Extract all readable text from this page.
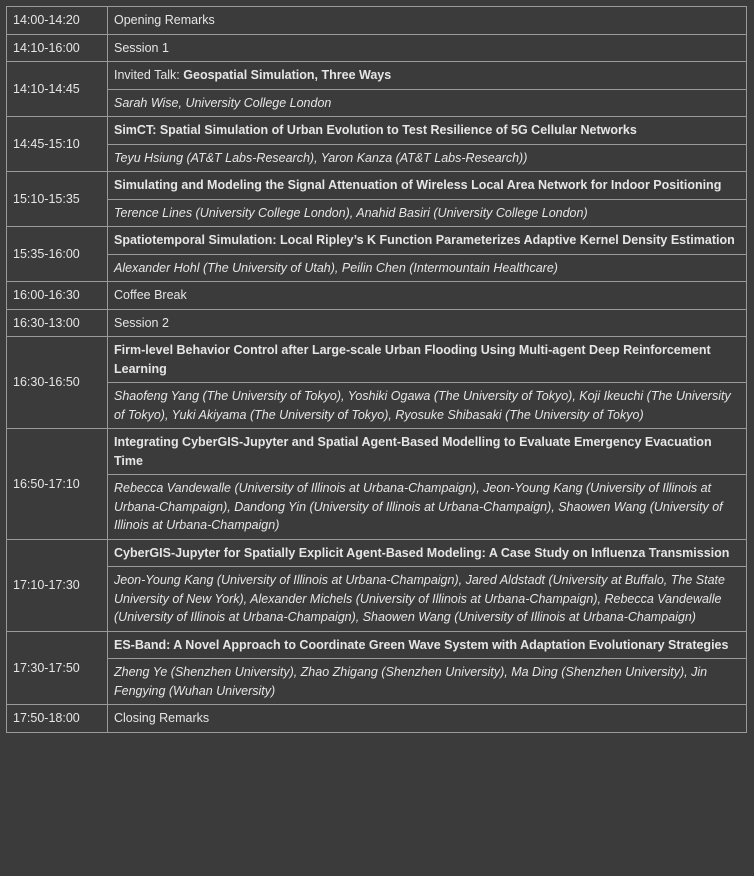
14:00-14:20	Opening Remarks
14:10-16:00	Session 1
14:10-14:45	Invited Talk: Geospatial Simulation, Three Ways
	Sarah Wise, University College London
14:45-15:10	SimCT: Spatial Simulation of Urban Evolution to Test Resilience of 5G Cellular Networks
	Teyu Hsiung (AT&T Labs-Research), Yaron Kanza (AT&T Labs-Research))
15:10-15:35	Simulating and Modeling the Signal Attenuation of Wireless Local Area Network for Indoor Positioning
	Terence Lines (University College London), Anahid Basiri (University College London)
15:35-16:00	Spatiotemporal Simulation: Local Ripley’s K Function Parameterizes Adaptive Kernel Density Estimation
	Alexander Hohl (The University of Utah), Peilin Chen (Intermountain Healthcare)
16:00-16:30	Coffee Break
16:30-13:00	Session 2
16:30-16:50	Firm-level Behavior Control after Large-scale Urban Flooding Using Multi-agent Deep Reinforcement Learning
	Shaofeng Yang (The University of Tokyo), Yoshiki Ogawa (The University of Tokyo), Koji Ikeuchi (The University of Tokyo), Yuki Akiyama (The University of Tokyo), Ryosuke Shibasaki (The University of Tokyo)
16:50-17:10	Integrating CyberGIS-Jupyter and Spatial Agent-Based Modelling to Evaluate Emergency Evacuation Time
	Rebecca Vandewalle (University of Illinois at Urbana-Champaign), Jeon-Young Kang (University of Illinois at Urbana-Champaign), Dandong Yin (University of Illinois at Urbana-Champaign), Shaowen Wang (University of Illinois at Urbana-Champaign)
17:10-17:30	CyberGIS-Jupyter for Spatially Explicit Agent-Based Modeling: A Case Study on Influenza Transmission
	Jeon-Young Kang (University of Illinois at Urbana-Champaign), Jared Aldstadt (University at Buffalo, The State University of New York), Alexander Michels (University of Illinois at Urbana-Champaign), Rebecca Vandewalle (University of Illinois at Urbana-Champaign), Shaowen Wang (University of Illinois at Urbana-Champaign)
17:30-17:50	ES-Band: A Novel Approach to Coordinate Green Wave System with Adaptation Evolutionary Strategies
	Zheng Ye (Shenzhen University), Zhao Zhigang (Shenzhen University), Ma Ding (Shenzhen University), Jin Fengying (Wuhan University)
17:50-18:00	Closing Remarks
